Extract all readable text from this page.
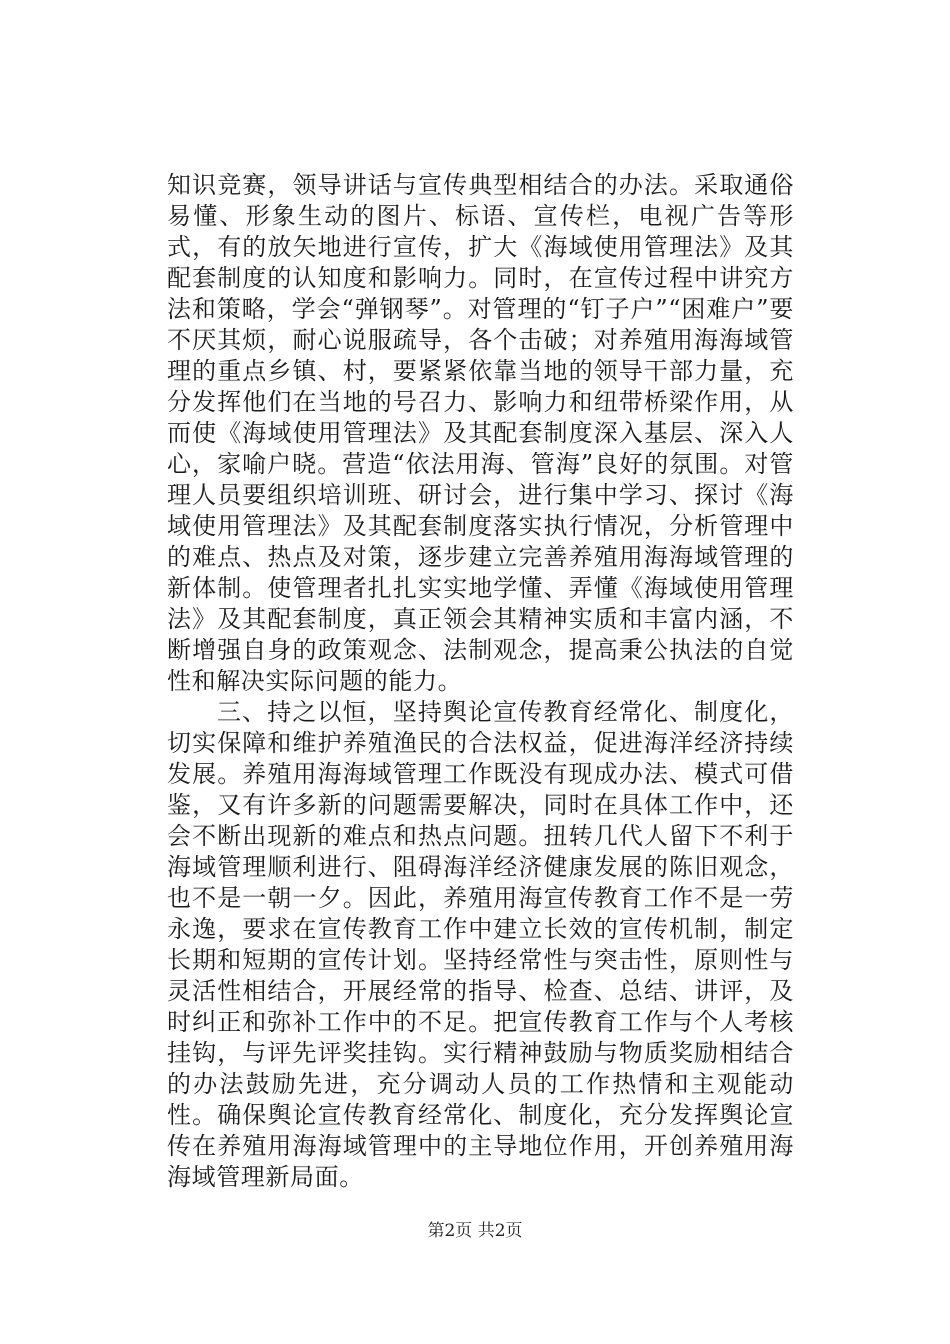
知识竞赛，领导讲话与宣传典型相结合的办法。采取通俗易懂、形象生动的图片、标语、宣传栏，电视广告等形式，有的放矢地进行宣传，扩大《海域使用管理法》及其配套制度的认知度和影响力。同时，在宣传过程中讲究方法和策略，学会“弹钢琴”。对管理的“钉子户”“困难户”要不厌其烦，耐心说服疏导，各个击破；对养殖用海海域管理的重点乡镇、村，要紧紧依靠当地的领导干部力量，充分发挥他们在当地的号召力、影响力和纽带桥梁作用，从而使《海域使用管理法》及其配套制度深入基层、深入人心，家喻户晓。营造“依法用海、管海”良好的氛围。对管理人员要组织培训班、研讨会，进行集中学习、探讨《海域使用管理法》及其配套制度落实执行情况，分析管理中的难点、热点及对策，逐步建立完善养殖用海海域管理的新体制。使管理者扎扎实实地学懂、弄懂《海域使用管理法》及其配套制度，真正领会其精神实质和丰富内涵，不断增强自身的政策观念、法制观念，提高秉公执法的自觉性和解决实际问题的能力。

三、持之以恒，坚持舆论宣传教育经常化、制度化，切实保障和维护养殖渔民的合法权益，促进海洋经济持续发展。养殖用海海域管理工作既没有现成办法、模式可借鉴，又有许多新的问题需要解决，同时在具体工作中，还会不断出现新的难点和热点问题。扭转几代人留下不利于海域管理顺利进行、阻碍海洋经济健康发展的陈旧观念，也不是一朝一夕。因此，养殖用海宣传教育工作不是一劳永逸，要求在宣传教育工作中建立长效的宣传机制，制定长期和短期的宣传计划。坚持经常性与突击性，原则性与灵活性相结合，开展经常的指导、检查、总结、讲评，及时纠正和弥补工作中的不足。把宣传教育工作与个人考核挂钩，与评先评奖挂钩。实行精神鼓励与物质奖励相结合的办法鼓励先进，充分调动人员的工作热情和主观能动性。确保舆论宣传教育经常化、制度化，充分发挥舆论宣传在养殖用海海域管理中的主导地位作用，开创养殖用海海域管理新局面。

第2页 共2页
